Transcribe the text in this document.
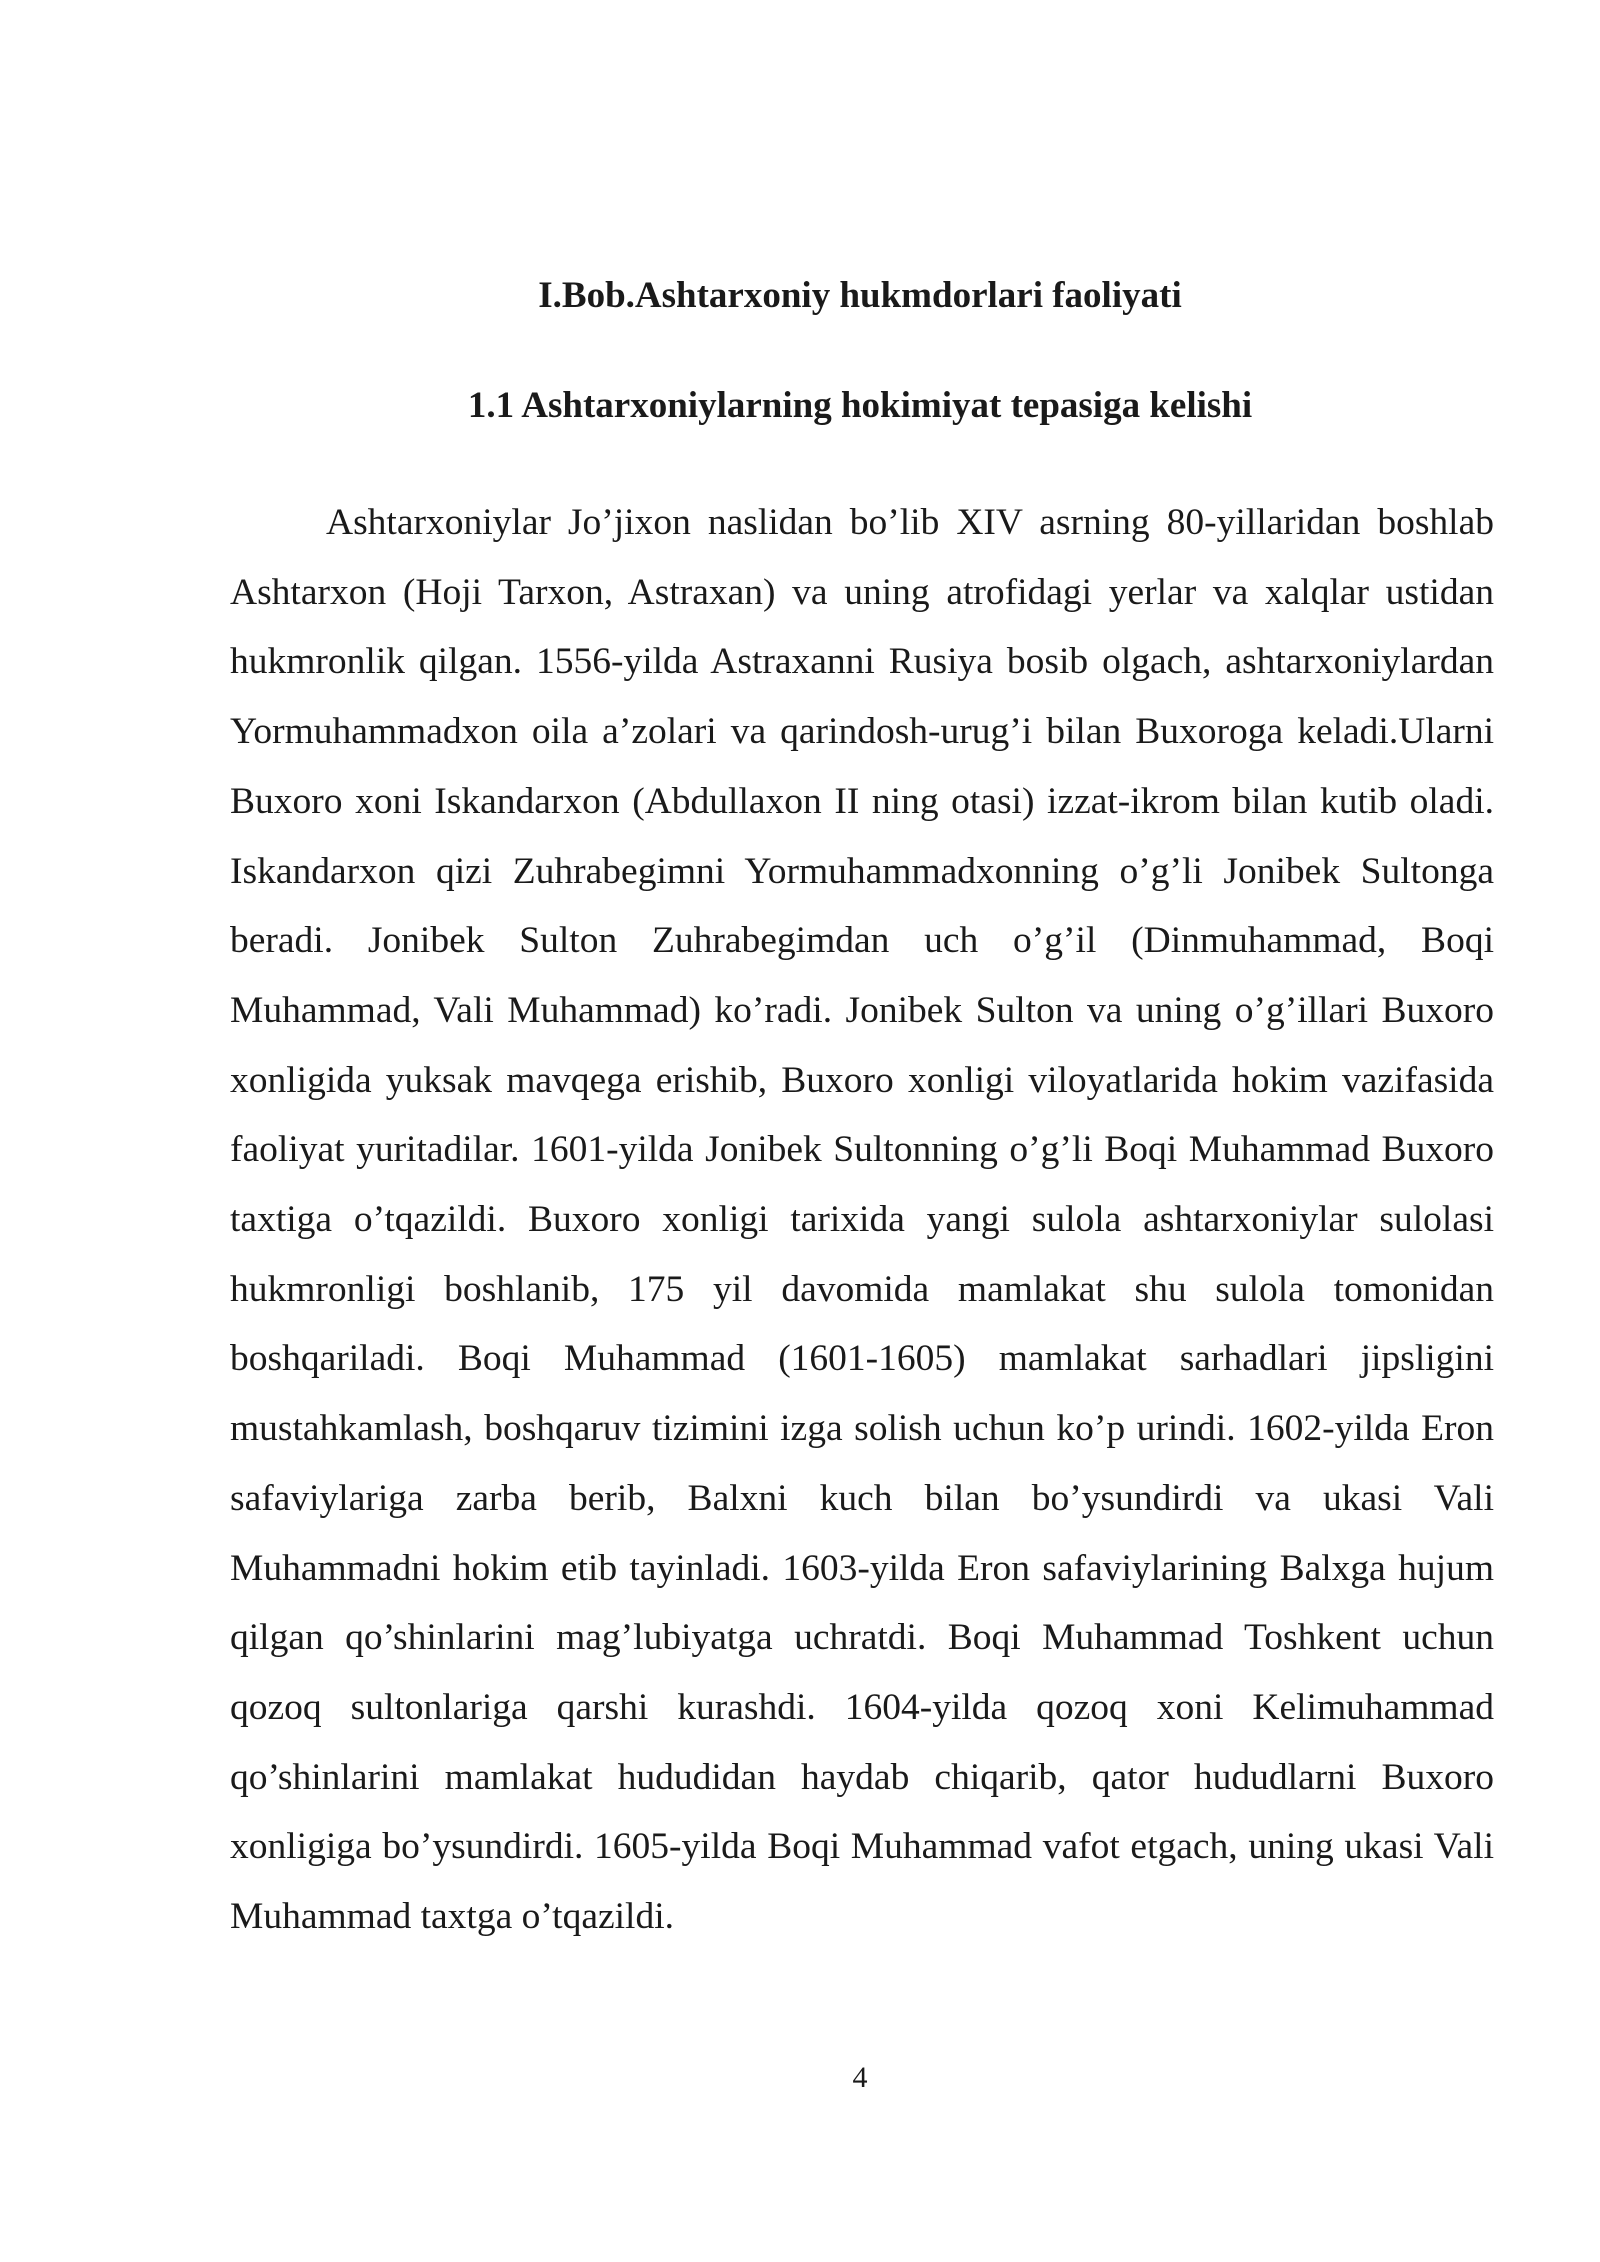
I.Bob.Ashtarxoniy hukmdorlari faoliyati
1.1 Ashtarxoniylarning hokimiyat tepasiga kelishi

Ashtarxoniylar Jo’jixon naslidan bo’lib XIV asrning 80-yillaridan boshlab Ashtarxon (Hoji Tarxon, Astraxan) va uning atrofidagi yerlar va xalqlar ustidan hukmronlik qilgan. 1556-yilda Astraxanni Rusiya bosib olgach, ashtarxoniylardan Yormuhammadxon oila a’zolari va qarindosh-urug’i bilan Buxoroga keladi.Ularni Buxoro xoni Iskandarxon (Abdullaxon II ning otasi) izzat-ikrom bilan kutib oladi. Iskandarxon qizi Zuhrabegimni Yormuhammadxonning o’g’li Jonibek Sultonga beradi. Jonibek Sulton Zuhrabegimdan uch o’g’il (Dinmuhammad, Boqi Muhammad, Vali Muhammad) ko’radi. Jonibek Sulton va uning o’g’illari Buxoro xonligida yuksak mavqega erishib, Buxoro xonligi viloyatlarida hokim vazifasida faoliyat yuritadilar. 1601-yilda Jonibek Sultonning o’g’li Boqi Muhammad Buxoro taxtiga o’tqazildi. Buxoro xonligi tarixida yangi sulola ashtarxoniylar sulolasi hukmronligi boshlanib, 175 yil davomida mamlakat shu sulola tomonidan boshqariladi. Boqi Muhammad (1601-1605) mamlakat sarhadlari jipsligini mustahkamlash, boshqaruv tizimini izga solish uchun ko’p urindi. 1602-yilda Eron safaviylariga zarba berib, Balxni kuch bilan bo’ysundirdi va ukasi Vali Muhammadni hokim etib tayinladi. 1603-yilda Eron safaviylarining Balxga hujum qilgan qo’shinlarini mag’lubiyatga uchratdi. Boqi Muhammad Toshkent uchun qozoq sultonlariga qarshi kurashdi. 1604-yilda qozoq xoni Kelimuhammad qo’shinlarini mamlakat hududidan haydab chiqarib, qator hududlarni Buxoro xonligiga bo’ysundirdi. 1605-yilda Boqi Muhammad vafot etgach, uning ukasi Vali Muhammad taxtga o’tqazildi.

4
